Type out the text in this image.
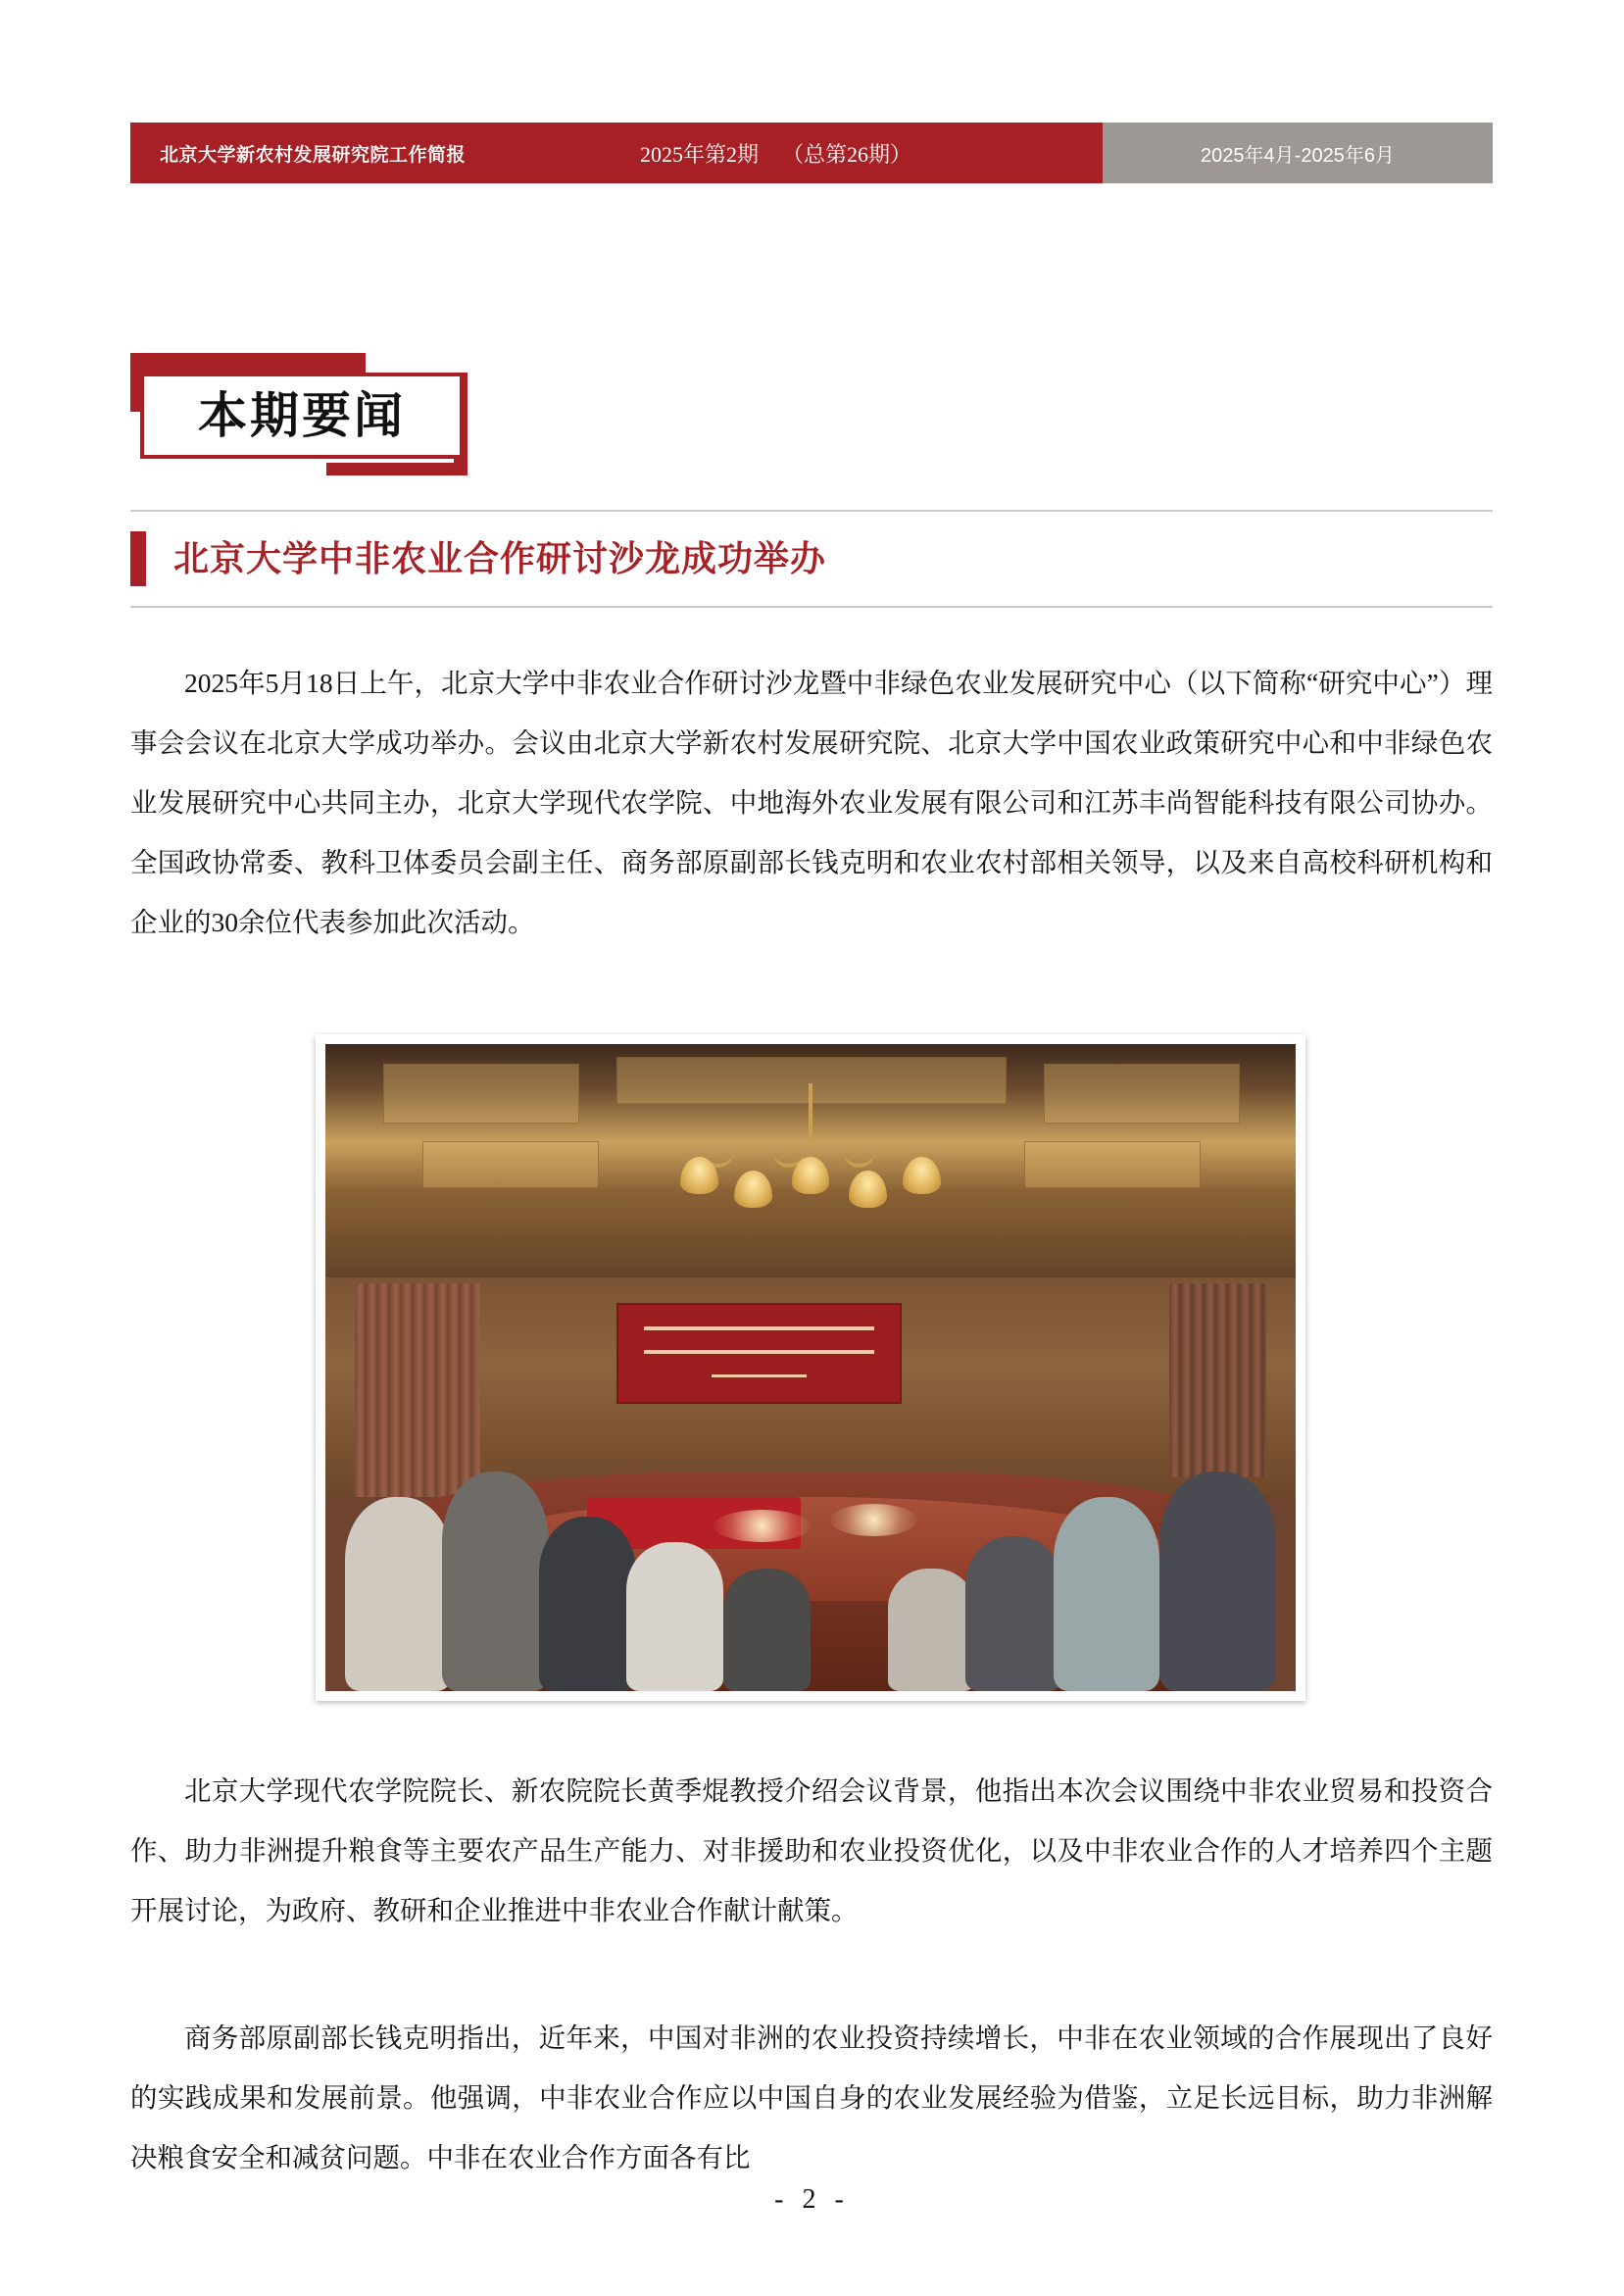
北京大学新农村发展研究院工作简报	2025年第2期 （总第26期）	2025年4月-2025年6月
本期要闻
北京大学中非农业合作研讨沙龙成功举办

2025年5月18日上午，北京大学中非农业合作研讨沙龙暨中非绿色农业发展研究中心（以下简称“研究中心”）理事会会议在北京大学成功举办。会议由北京大学新农村发展研究院、北京大学中国农业政策研究中心和中非绿色农业发展研究中心共同主办，北京大学现代农学院、中地海外农业发展有限公司和江苏丰尚智能科技有限公司协办。全国政协常委、教科卫体委员会副主任、商务部原副部长钱克明和农业农村部相关领导，以及来自高校科研机构和企业的30余位代表参加此次活动。

北京大学现代农学院院长、新农院院长黄季焜教授介绍会议背景，他指出本次会议围绕中非农业贸易和投资合作、助力非洲提升粮食等主要农产品生产能力、对非援助和农业投资优化，以及中非农业合作的人才培养四个主题开展讨论，为政府、教研和企业推进中非农业合作献计献策。

商务部原副部长钱克明指出，近年来，中国对非洲的农业投资持续增长，中非在农业领域的合作展现出了良好的实践成果和发展前景。他强调，中非农业合作应以中国自身的农业发展经验为借鉴，立足长远目标，助力非洲解决粮食安全和减贫问题。中非在农业合作方面各有比

- 2 -
